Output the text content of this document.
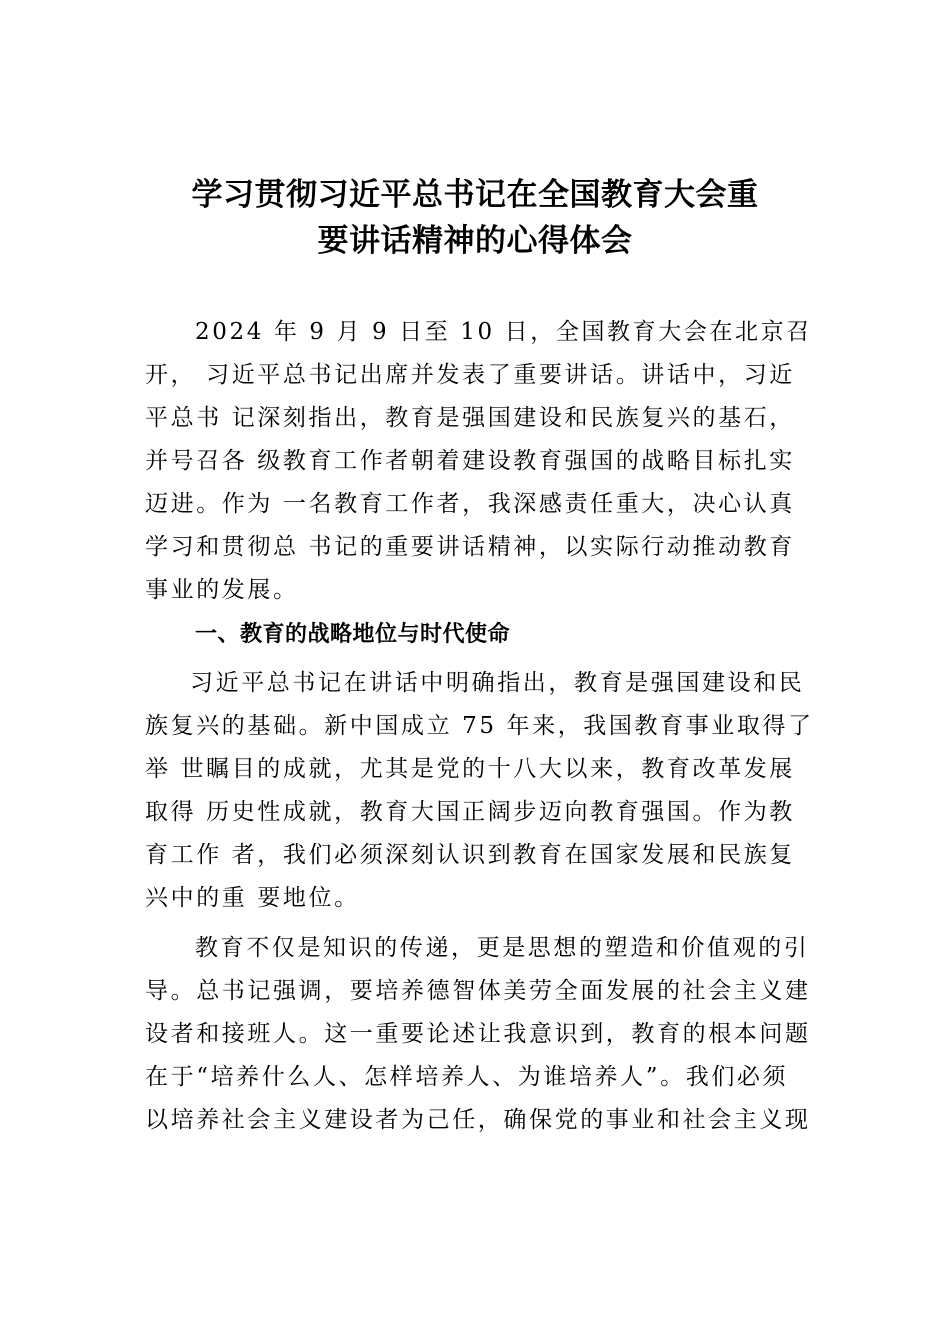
学习贯彻习近平总书记在全国教育大会重
要讲话精神的心得体会
2024 年 9 月 9 日至 10 日，全国教育大会在北京召
开， 习近平总书记出席并发表了重要讲话。讲话中，习近
平总书 记深刻指出，教育是强国建设和民族复兴的基石，
并号召各 级教育工作者朝着建设教育强国的战略目标扎实
迈进。作为 一名教育工作者，我深感责任重大，决心认真
学习和贯彻总 书记的重要讲话精神，以实际行动推动教育
事业的发展。
一、教育的战略地位与时代使命
习近平总书记在讲话中明确指出，教育是强国建设和民
族复兴的基础。新中国成立 75 年来，我国教育事业取得了
举 世瞩目的成就，尤其是党的十八大以来，教育改革发展
取得 历史性成就，教育大国正阔步迈向教育强国。作为教
育工作 者，我们必须深刻认识到教育在国家发展和民族复
兴中的重 要地位。
教育不仅是知识的传递，更是思想的塑造和价值观的引
导。总书记强调，要培养德智体美劳全面发展的社会主义建
设者和接班人。这一重要论述让我意识到，教育的根本问题
在于“培养什么人、怎样培养人、为谁培养人”。我们必须
以培养社会主义建设者为己任，确保党的事业和社会主义现
